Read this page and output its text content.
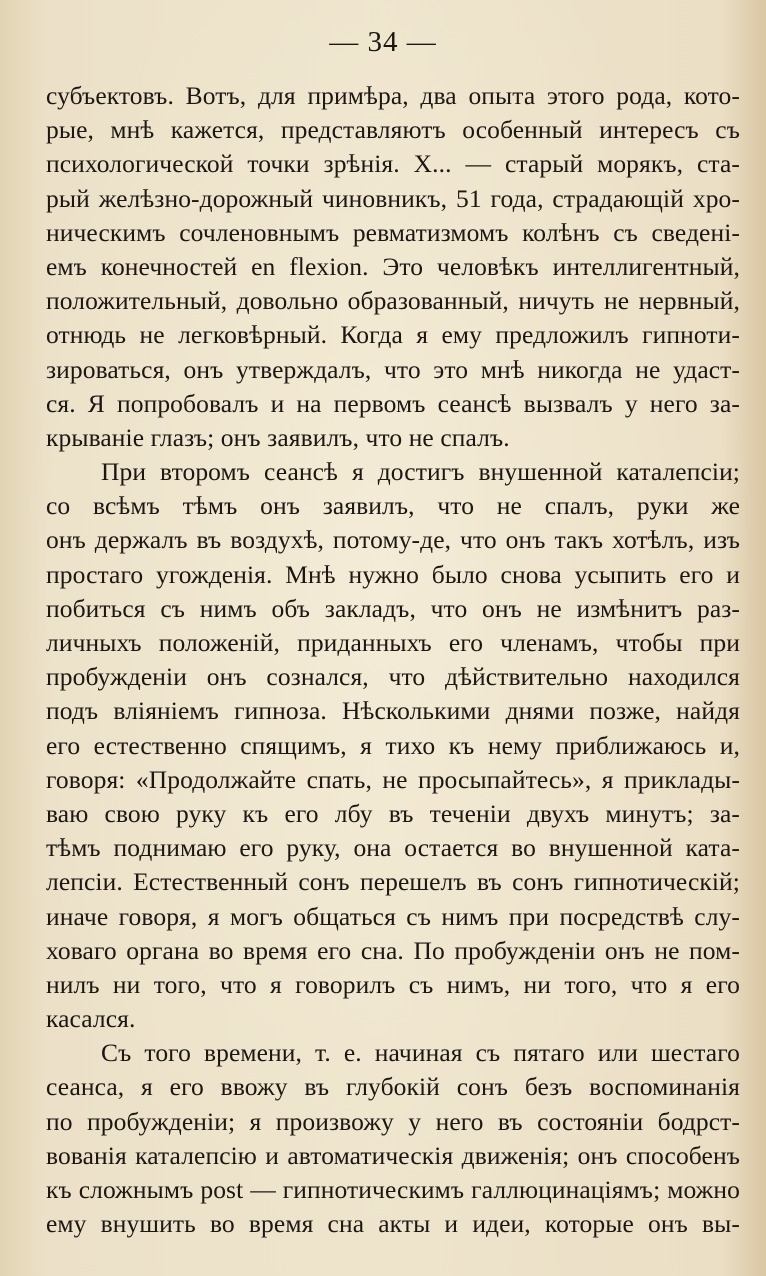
— 34 —
субъектовъ. Вотъ, для примѣра, два опыта этого рода, кото-
рые, мнѣ кажется, представляютъ особенный интересъ съ
психологической точки зрѣнія. X... — старый морякъ, ста-
рый желѣзно-дорожный чиновникъ, 51 года, страдающій хро-
ническимъ сочленовнымъ ревматизмомъ колѣнъ съ сведені-
емъ конечностей en flexion. Это человѣкъ интеллигентный,
положительный, довольно образованный, ничуть не нервный,
отнюдь не легковѣрный. Когда я ему предложилъ гипноти-
зироваться, онъ утверждалъ, что это мнѣ никогда не удаст-
ся. Я попробовалъ и на первомъ сеансѣ вызвалъ у него за-
крываніе глазъ; онъ заявилъ, что не спалъ.
При второмъ сеансѣ я достигъ внушенной каталепсіи;
со всѣмъ тѣмъ онъ заявилъ, что не спалъ, руки же
онъ держалъ въ воздухѣ, потому-де, что онъ такъ хотѣлъ, изъ
простаго угожденія. Мнѣ нужно было снова усыпить его и
побиться съ нимъ объ закладъ, что онъ не измѣнитъ раз-
личныхъ положеній, приданныхъ его членамъ, чтобы при
пробужденіи онъ сознался, что дѣйствительно находился
подъ вліяніемъ гипноза. Нѣсколькими днями позже, найдя
его естественно спящимъ, я тихо къ нему приближаюсь и,
говоря: «Продолжайте спать, не просыпайтесь», я приклады-
ваю свою руку къ его лбу въ теченіи двухъ минутъ; за-
тѣмъ поднимаю его руку, она остается во внушенной ката-
лепсіи. Естественный сонъ перешелъ въ сонъ гипнотическій;
иначе говоря, я могъ общаться съ нимъ при посредствѣ слу-
ховаго органа во время его сна. По пробужденіи онъ не пом-
нилъ ни того, что я говорилъ съ нимъ, ни того, что я его
касался.
Съ того времени, т. е. начиная съ пятаго или шестаго
сеанса, я его ввожу въ глубокій сонъ безъ воспоминанія
по пробужденіи; я произвожу у него въ состояніи бодрст-
вованія каталепсію и автоматическія движенія; онъ способенъ
къ сложнымъ post — гипнотическимъ галлюцинаціямъ; можно
ему внушить во время сна акты и идеи, которые онъ вы-
